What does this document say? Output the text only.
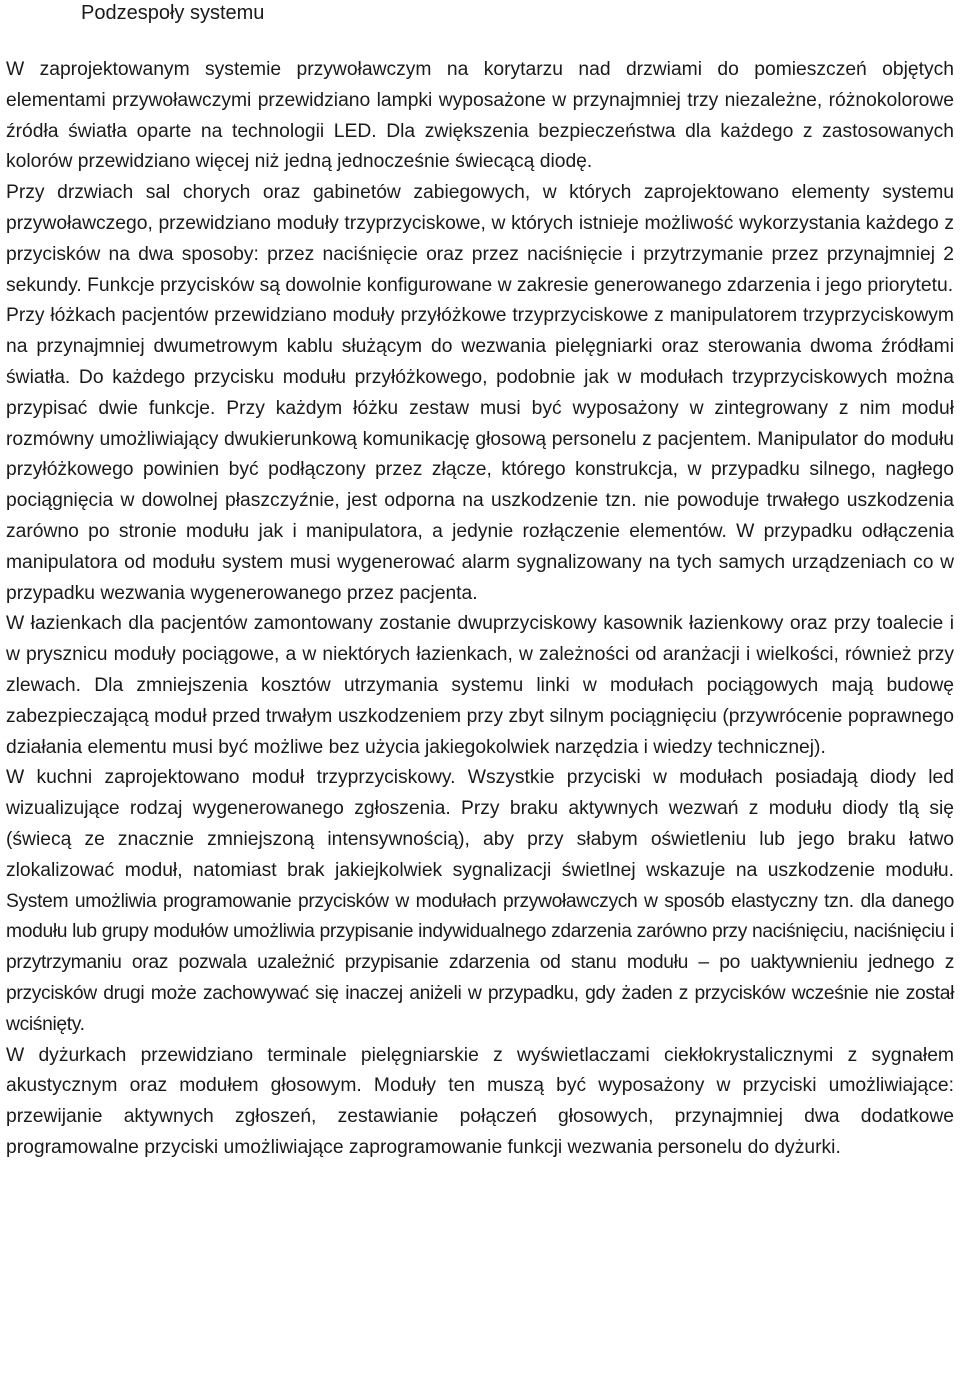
Podzespoły systemu

W zaprojektowanym systemie przywoławczym na korytarzu nad drzwiami do pomieszczeń objętych elementami przywoławczymi przewidziano lampki wyposażone w przynajmniej trzy niezależne, różnokolorowe źródła światła oparte na technologii LED. Dla zwiększenia bezpieczeństwa dla każdego z zastosowanych kolorów przewidziano więcej niż jedną jednocześnie świecącą diodę.

Przy drzwiach sal chorych oraz gabinetów zabiegowych, w których zaprojektowano elementy systemu przywoławczego, przewidziano moduły trzyprzyciskowe, w których istnieje możliwość wykorzystania każdego z przycisków na dwa sposoby: przez naciśnięcie oraz przez naciśnięcie i przytrzymanie przez przynajmniej 2 sekundy. Funkcje przycisków są dowolnie konfigurowane w zakresie generowanego zdarzenia i jego priorytetu.

Przy łóżkach pacjentów przewidziano moduły przyłóżkowe trzyprzyciskowe z manipulatorem trzyprzyciskowym na przynajmniej dwumetrowym kablu służącym do wezwania pielęgniarki oraz sterowania dwoma źródłami światła. Do każdego przycisku modułu przyłóżkowego, podobnie jak w modułach trzyprzyciskowych można przypisać dwie funkcje. Przy każdym łóżku zestaw musi być wyposażony w zintegrowany z nim moduł rozmówny umożliwiający dwukierunkową komunikację głosową personelu z pacjentem. Manipulator do modułu przyłóżkowego powinien być podłączony przez złącze, którego konstrukcja, w przypadku silnego, nagłego pociągnięcia w dowolnej płaszczyźnie, jest odporna na uszkodzenie tzn. nie powoduje trwałego uszkodzenia zarówno po stronie modułu jak i manipulatora, a jedynie rozłączenie elementów. W przypadku odłączenia manipulatora od modułu system musi wygenerować alarm sygnalizowany na tych samych urządzeniach co w przypadku wezwania wygenerowanego przez pacjenta.

W łazienkach dla pacjentów zamontowany zostanie dwuprzyciskowy kasownik łazienkowy oraz przy toalecie i w prysznicu moduły pociągowe, a w niektórych łazienkach, w zależności od aranżacji i wielkości, również przy zlewach. Dla zmniejszenia kosztów utrzymania systemu linki w modułach pociągowych mają budowę zabezpieczającą moduł przed trwałym uszkodzeniem przy zbyt silnym pociągnięciu (przywrócenie poprawnego działania elementu musi być możliwe bez użycia jakiegokolwiek narzędzia i wiedzy technicznej).

W kuchni zaprojektowano moduł trzyprzyciskowy. Wszystkie przyciski w modułach posiadają diody led wizualizujące rodzaj wygenerowanego zgłoszenia. Przy braku aktywnych wezwań z modułu diody tlą się (świecą ze znacznie zmniejszoną intensywnością), aby przy słabym oświetleniu lub jego braku łatwo zlokalizować moduł, natomiast brak jakiejkolwiek sygnalizacji świetlnej wskazuje na uszkodzenie modułu. System umożliwia programowanie przycisków w modułach przywoławczych w sposób elastyczny tzn. dla danego modułu lub grupy modułów umożliwia przypisanie indywidualnego zdarzenia zarówno przy naciśnięciu, naciśnięciu i przytrzymaniu oraz pozwala uzależnić przypisanie zdarzenia od stanu modułu – po uaktywnieniu jednego z przycisków drugi może zachowywać się inaczej aniżeli w przypadku, gdy żaden z przycisków wcześnie nie został wciśnięty.

W dyżurkach przewidziano terminale pielęgniarskie z wyświetlaczami ciekłokrystalicznymi z sygnałem akustycznym oraz modułem głosowym. Moduły ten muszą być wyposażony w przyciski umożliwiające: przewijanie aktywnych zgłoszeń, zestawianie połączeń głosowych, przynajmniej dwa dodatkowe programowalne przyciski umożliwiające zaprogramowanie funkcji wezwania personelu do dyżurki.
